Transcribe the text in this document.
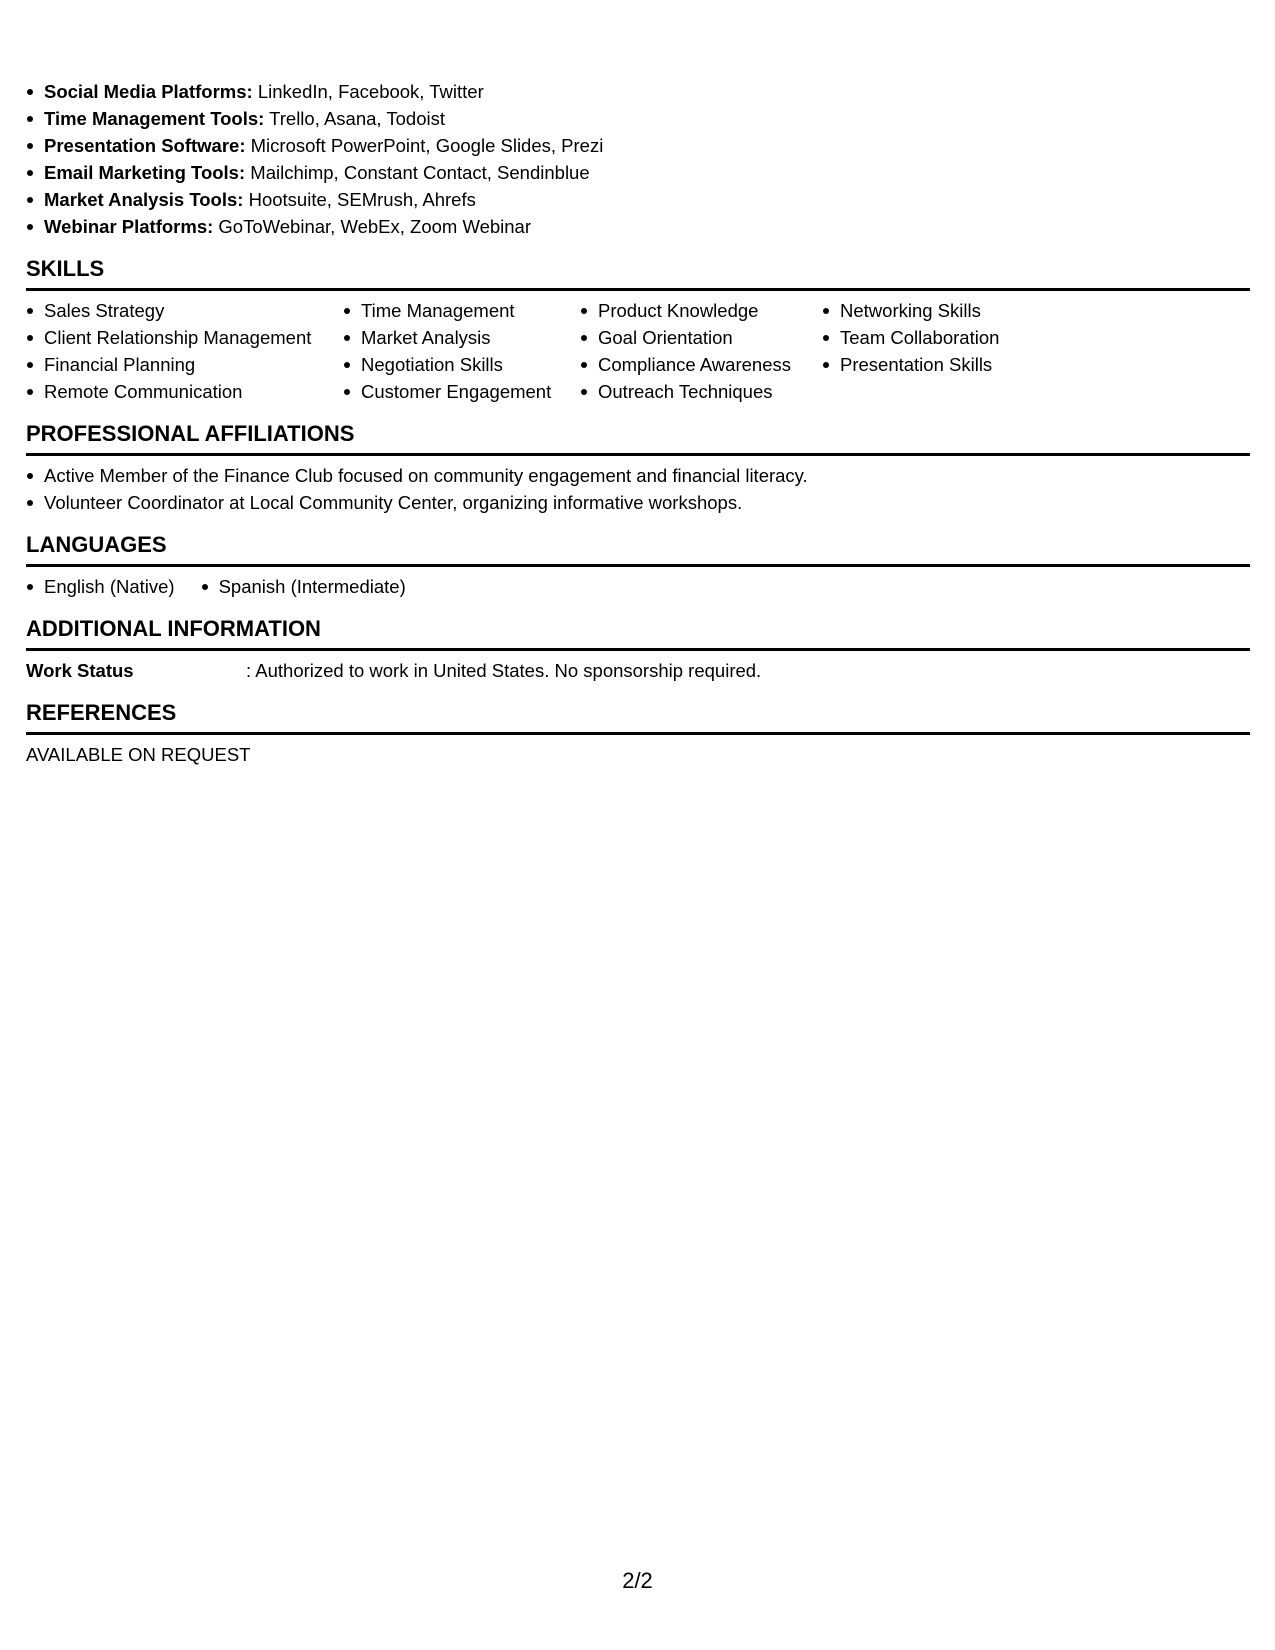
Social Media Platforms: LinkedIn, Facebook, Twitter
Time Management Tools: Trello, Asana, Todoist
Presentation Software: Microsoft PowerPoint, Google Slides, Prezi
Email Marketing Tools: Mailchimp, Constant Contact, Sendinblue
Market Analysis Tools: Hootsuite, SEMrush, Ahrefs
Webinar Platforms: GoToWebinar, WebEx, Zoom Webinar
SKILLS
Sales Strategy
Client Relationship Management
Financial Planning
Remote Communication
Time Management
Market Analysis
Negotiation Skills
Customer Engagement
Product Knowledge
Goal Orientation
Compliance Awareness
Outreach Techniques
Networking Skills
Team Collaboration
Presentation Skills
PROFESSIONAL AFFILIATIONS
Active Member of the Finance Club focused on community engagement and financial literacy.
Volunteer Coordinator at Local Community Center, organizing informative workshops.
LANGUAGES
English (Native)	Spanish (Intermediate)
ADDITIONAL INFORMATION
Work Status	: Authorized to work in United States. No sponsorship required.
REFERENCES
AVAILABLE ON REQUEST
2/2
